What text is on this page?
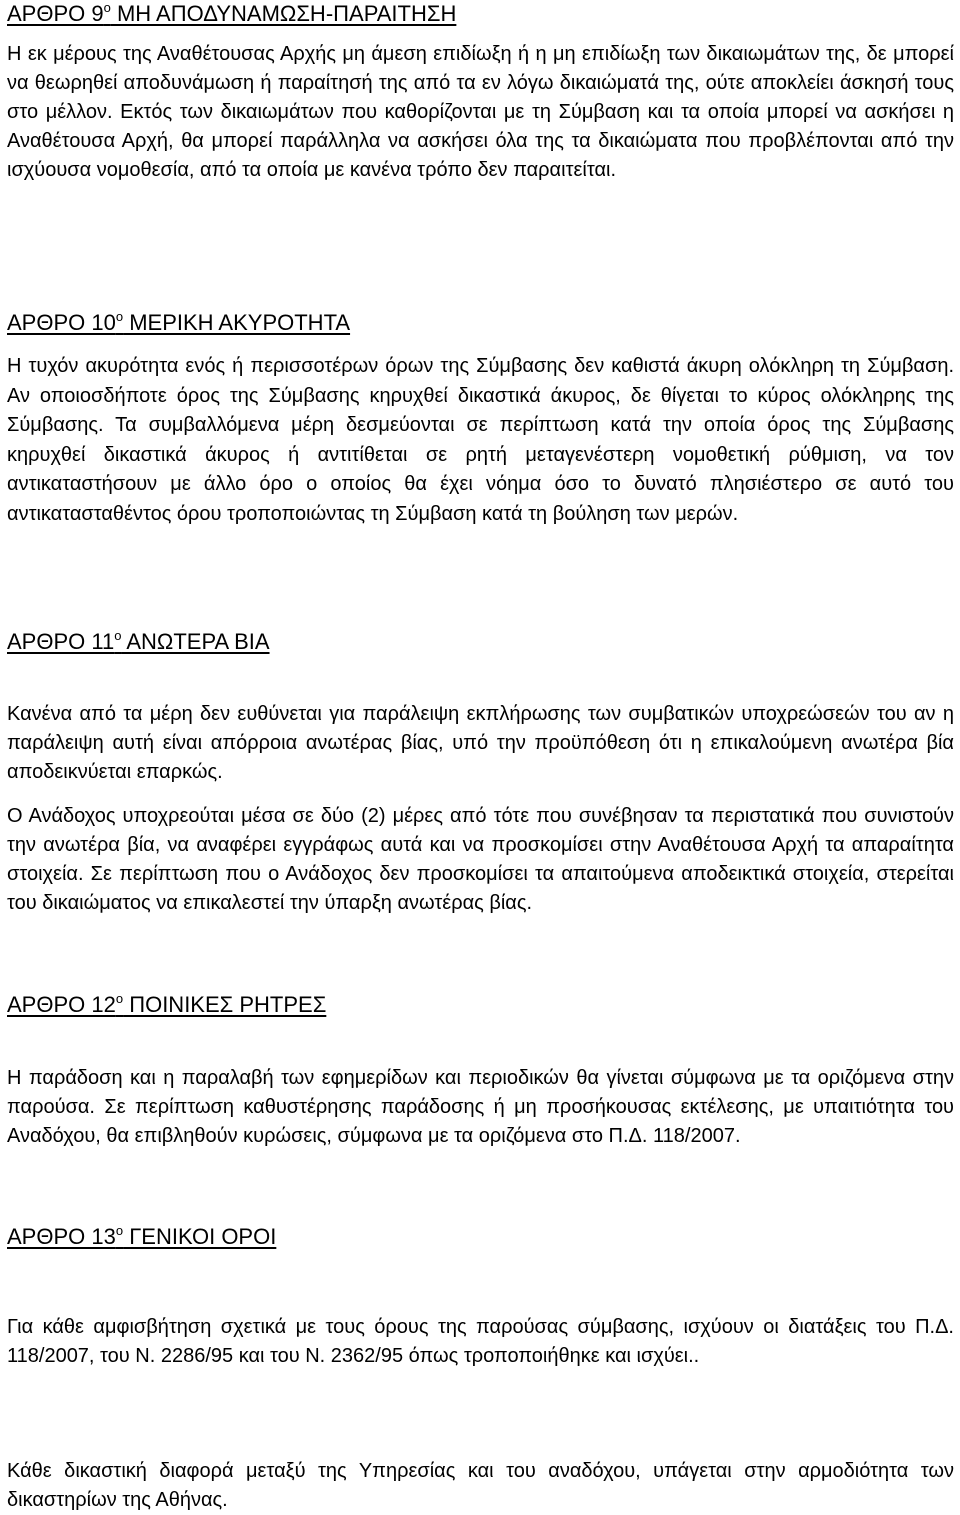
ΑΡΘΡΟ $9^o$ ΜΗ ΑΠΟΔΥΝΑΜΩΣΗ-ΠΑΡΑΙΤΗΣΗ

Η εκ μέρους της Αναθέτουσας Αρχής μη άμεση επιδίωξη ή η μη επιδίωξη των δικαιωμάτων της, δε μπορεί να θεωρηθεί αποδυνάμωση ή παραίτησή της από τα εν λόγω δικαιώματά της, ούτε αποκλείει άσκησή τους στο μέλλον. Εκτός των δικαιωμάτων που καθορίζονται με τη Σύμβαση και τα οποία μπορεί να ασκήσει η Αναθέτουσα Αρχή, θα μπορεί παράλληλα να ασκήσει όλα της τα δικαιώματα που προβλέπονται από την ισχύουσα νομοθεσία, από τα οποία με κανένα τρόπο δεν παραιτείται.

ΑΡΘΡΟ $10^o$ ΜΕΡΙΚΗ ΑΚΥΡΟΤΗΤΑ

Η τυχόν ακυρότητα ενός ή περισσοτέρων όρων της Σύμβασης δεν καθιστά άκυρη ολόκληρη τη Σύμβαση. Αν οποιοσδήποτε όρος της Σύμβασης κηρυχθεί δικαστικά άκυρος, δε θίγεται το κύρος ολόκληρης της Σύμβασης. Τα συμβαλλόμενα μέρη δεσμεύονται σε περίπτωση κατά την οποία όρος της Σύμβασης κηρυχθεί δικαστικά άκυρος ή αντιτίθεται σε ρητή μεταγενέστερη νομοθετική ρύθμιση, να τον αντικαταστήσουν με άλλο όρο ο οποίος θα έχει νόημα όσο το δυνατό πλησιέστερο σε αυτό του αντικατασταθέντος όρου τροποποιώντας τη Σύμβαση κατά τη βούληση των μερών.

ΑΡΘΡΟ $11^o$ ΑΝΩΤΕΡΑ ΒΙΑ

Κανένα από τα μέρη δεν ευθύνεται για παράλειψη εκπλήρωσης των συμβατικών υποχρεώσεών του αν η παράλειψη αυτή είναι απόρροια ανωτέρας βίας, υπό την προϋπόθεση ότι η επικαλούμενη ανωτέρα βία αποδεικνύεται επαρκώς.

Ο Ανάδοχος υποχρεούται μέσα σε δύο (2) μέρες από τότε που συνέβησαν τα περιστατικά που συνιστούν την ανωτέρα βία, να αναφέρει εγγράφως αυτά και να προσκομίσει στην Αναθέτουσα Αρχή τα απαραίτητα στοιχεία. Σε περίπτωση που ο Ανάδοχος δεν προσκομίσει τα απαιτούμενα αποδεικτικά στοιχεία, στερείται του δικαιώματος να επικαλεστεί την ύπαρξη ανωτέρας βίας.

ΑΡΘΡΟ $12^o$ ΠΟΙΝΙΚΕΣ ΡΗΤΡΕΣ

Η παράδοση και η παραλαβή των εφημερίδων και περιοδικών θα γίνεται σύμφωνα με τα οριζόμενα στην παρούσα. Σε περίπτωση καθυστέρησης παράδοσης ή μη προσήκουσας εκτέλεσης, με υπαιτιότητα του Αναδόχου, θα επιβληθούν κυρώσεις, σύμφωνα με τα οριζόμενα στο Π.Δ. 118/2007.

ΑΡΘΡΟ $13^o$ ΓΕΝΙΚΟΙ ΟΡΟΙ

Για κάθε αμφισβήτηση σχετικά με τους όρους της παρούσας σύμβασης, ισχύουν οι διατάξεις του Π.Δ. 118/2007, του Ν. 2286/95 και του Ν. 2362/95 όπως τροποποιήθηκε και ισχύει..

Κάθε δικαστική διαφορά μεταξύ της Υπηρεσίας και του αναδόχου, υπάγεται στην αρμοδιότητα των δικαστηρίων της Αθήνας.
